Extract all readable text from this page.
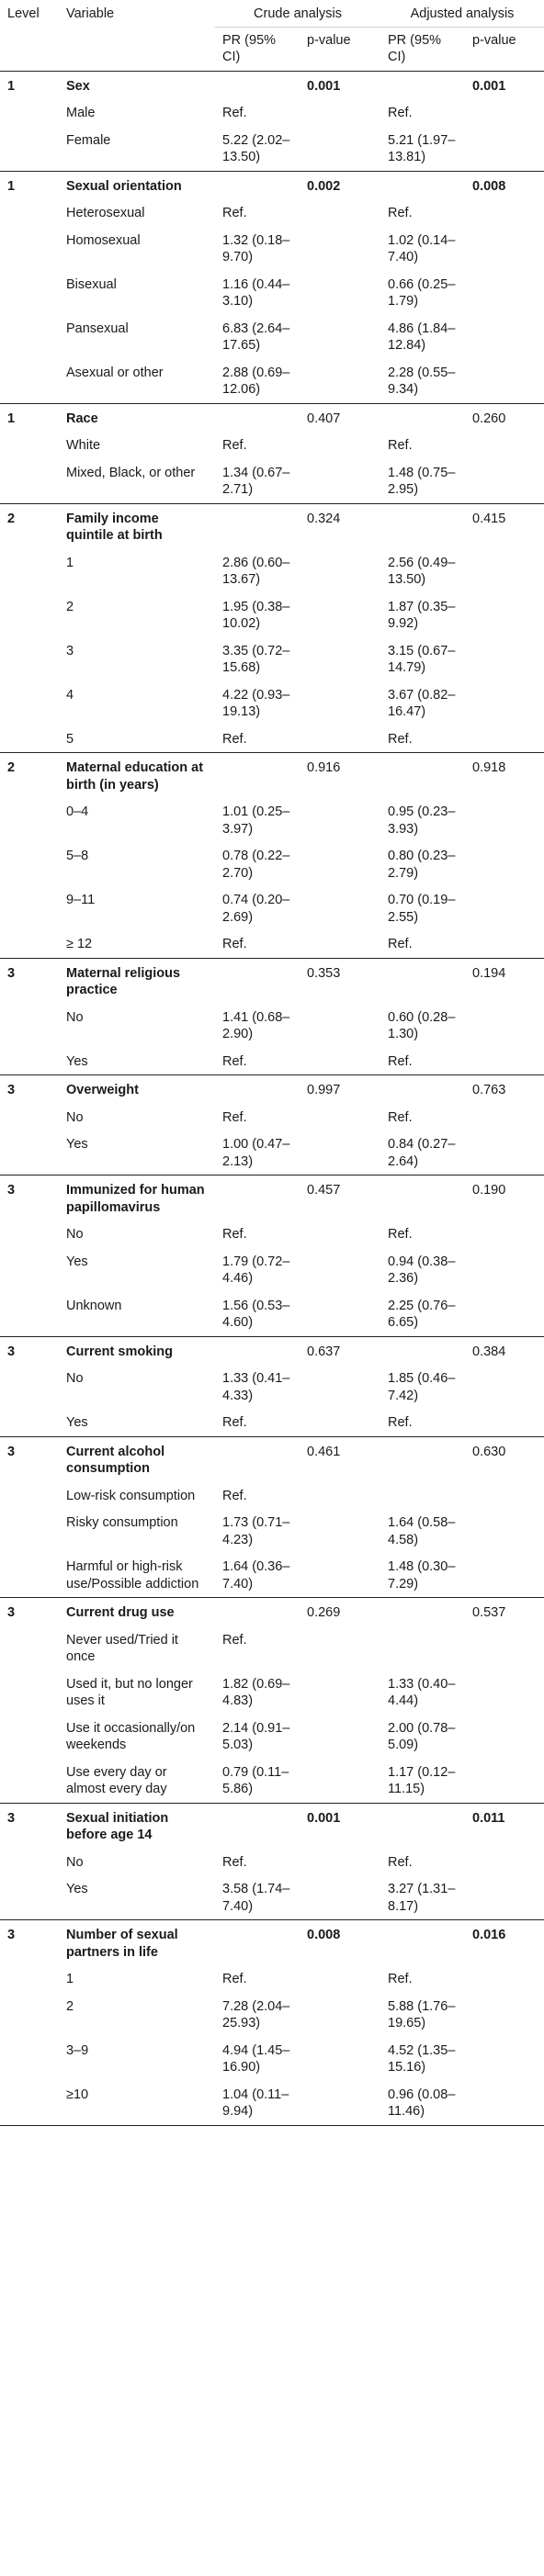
Level	Variable	Crude analysis		Adjusted analysis	
		PR (95% CI)	p-value	PR (95% CI)	p-value
1	Sex		0.001		0.001
	Male	Ref.		Ref.	
	Female	5.22 (2.02–13.50)		5.21 (1.97–13.81)	
1	Sexual orientation		0.002		0.008
	Heterosexual	Ref.		Ref.	
	Homosexual	1.32 (0.18–9.70)		1.02 (0.14–7.40)	
	Bisexual	1.16 (0.44–3.10)		0.66 (0.25–1.79)	
	Pansexual	6.83 (2.64–17.65)		4.86 (1.84–12.84)	
	Asexual or other	2.88 (0.69–12.06)		2.28 (0.55–9.34)	
1	Race		0.407		0.260
	White	Ref.		Ref.	
	Mixed, Black, or other	1.34 (0.67–2.71)		1.48 (0.75–2.95)	
2	Family income quintile at birth		0.324		0.415
	1	2.86 (0.60–13.67)		2.56 (0.49–13.50)	
	2	1.95 (0.38–10.02)		1.87 (0.35–9.92)	
	3	3.35 (0.72–15.68)		3.15 (0.67–14.79)	
	4	4.22 (0.93–19.13)		3.67 (0.82–16.47)	
	5	Ref.		Ref.	
2	Maternal education at birth (in years)		0.916		0.918
	0–4	1.01 (0.25–3.97)		0.95 (0.23–3.93)	
	5–8	0.78 (0.22–2.70)		0.80 (0.23–2.79)	
	9–11	0.74 (0.20–2.69)		0.70 (0.19–2.55)	
	≥ 12	Ref.		Ref.	
3	Maternal religious practice		0.353		0.194
	No	1.41 (0.68–2.90)		0.60 (0.28–1.30)	
	Yes	Ref.		Ref.	
3	Overweight		0.997		0.763
	No	Ref.		Ref.	
	Yes	1.00 (0.47–2.13)		0.84 (0.27–2.64)	
3	Immunized for human papillomavirus		0.457		0.190
	No	Ref.		Ref.	
	Yes	1.79 (0.72–4.46)		0.94 (0.38–2.36)	
	Unknown	1.56 (0.53–4.60)		2.25 (0.76–6.65)	
3	Current smoking		0.637		0.384
	No	1.33 (0.41–4.33)		1.85 (0.46–7.42)	
	Yes	Ref.		Ref.	
3	Current alcohol consumption		0.461		0.630
	Low-risk consumption	Ref.			
	Risky consumption	1.73 (0.71–4.23)		1.64 (0.58–4.58)	
	Harmful or high-risk use/Possible addiction	1.64 (0.36–7.40)		1.48 (0.30–7.29)	
3	Current drug use		0.269		0.537
	Never used/Tried it once	Ref.			
	Used it, but no longer uses it	1.82 (0.69–4.83)		1.33 (0.40–4.44)	
	Use it occasionally/on weekends	2.14 (0.91–5.03)		2.00 (0.78–5.09)	
	Use every day or almost every day	0.79 (0.11–5.86)		1.17 (0.12–11.15)	
3	Sexual initiation before age 14		0.001		0.011
	No	Ref.		Ref.	
	Yes	3.58 (1.74–7.40)		3.27 (1.31–8.17)	
3	Number of sexual partners in life		0.008		0.016
	1	Ref.		Ref.	
	2	7.28 (2.04–25.93)		5.88 (1.76–19.65)	
	3–9	4.94 (1.45–16.90)		4.52 (1.35–15.16)	
	≥10	1.04 (0.11–9.94)		0.96 (0.08–11.46)	
